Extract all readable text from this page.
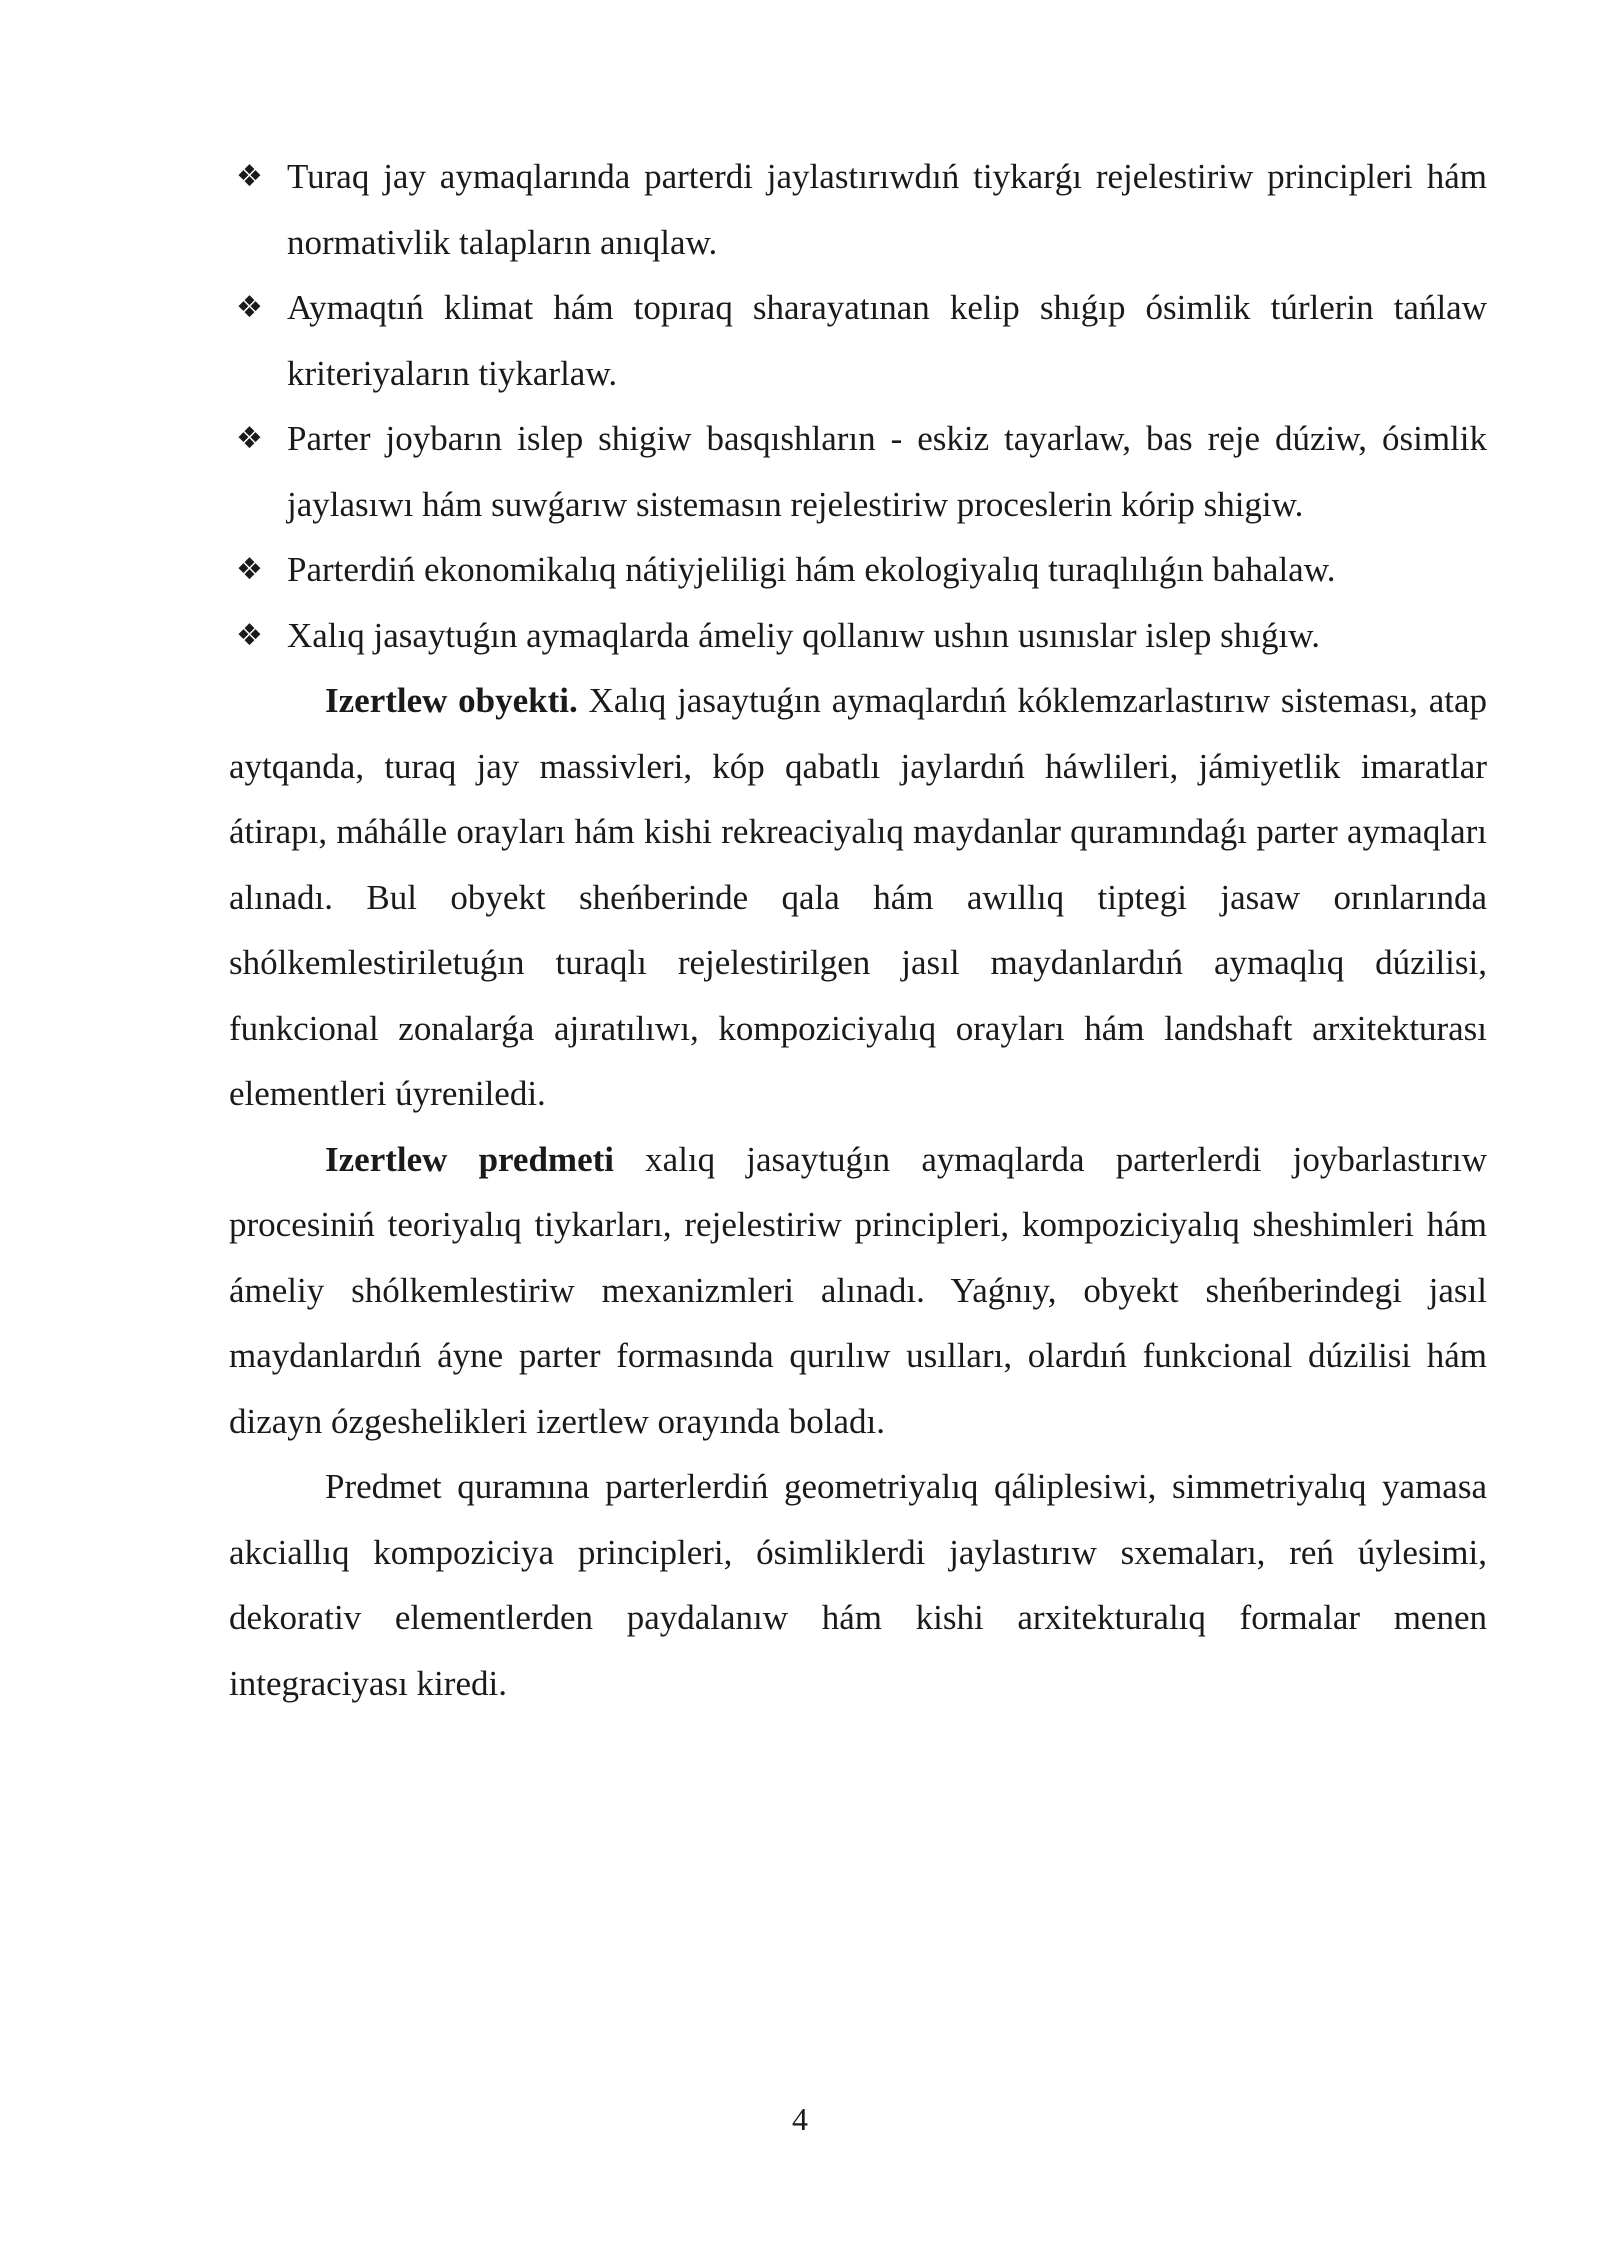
❖ Turaq jay aymaqlarında parterdi jaylastırıwdıń tiykarǵı rejelestiriw principleri hám normativlik talapların anıqlaw.
❖ Aymaqtıń klimat hám topıraq sharayatınan kelip shıǵıp ósimlik túrlerin tańlaw kriteriyaların tiykarlaw.
❖ Parter joybarın islep shigiw basqıshların - eskiz tayarlaw, bas reje dúziw, ósimlik jaylasıwı hám suwǵarıw sistemasın rejelestiriw proceslerin kórip shigiw.
❖ Parterdiń ekonomikalıq nátiyjeliligi hám ekologiyalıq turaqlılıǵın bahalaw.
❖ Xalıq jasaytuǵın aymaqlarda ámeliy qollanıw ushın usınıslar islep shıǵıw.

Izertlew obyekti. Xalıq jasaytuǵın aymaqlardıń kóklemzarlastırıw sisteması, atap aytqanda, turaq jay massivleri, kóp qabatlı jaylardıń háwlileri, jámiyetlik imaratlar átirapı, máhálle orayları hám kishi rekreaciyalıq maydanlar quramındaǵı parter aymaqları alınadı. Bul obyekt sheńberinde qala hám awıllıq tiptegi jasaw orınlarında shólkemlestiriletuǵın turaqlı rejelestirilgen jasıl maydanlardıń aymaqlıq dúzilisi, funkcional zonalarǵa ajıratılıwı, kompoziciyalıq orayları hám landshaft arxitekturası elementleri úyreniledi.

Izertlew predmeti xalıq jasaytuǵın aymaqlarda parterlerdi joybarlastırıw procesiniń teoriyalıq tiykarları, rejelestiriw principleri, kompoziciyalıq sheshimleri hám ámeliy shólkemlestiriw mexanizmleri alınadı. Yaǵnıy, obyekt sheńberindegi jasıl maydanlardıń áyne parter formasında qurılıw usılları, olardıń funkcional dúzilisi hám dizayn ózgeshelikleri izertlew orayında boladı.

Predmet quramına parterlerdiń geometriyalıq qáliplesiwi, simmetriyalıq yamasa akciallıq kompoziciya principleri, ósimliklerdi jaylastırıw sxemaları, reń úylesimi, dekorativ elementlerden paydalanıw hám kishi arxitekturalıq formalar menen integraciyası kiredi.

4
